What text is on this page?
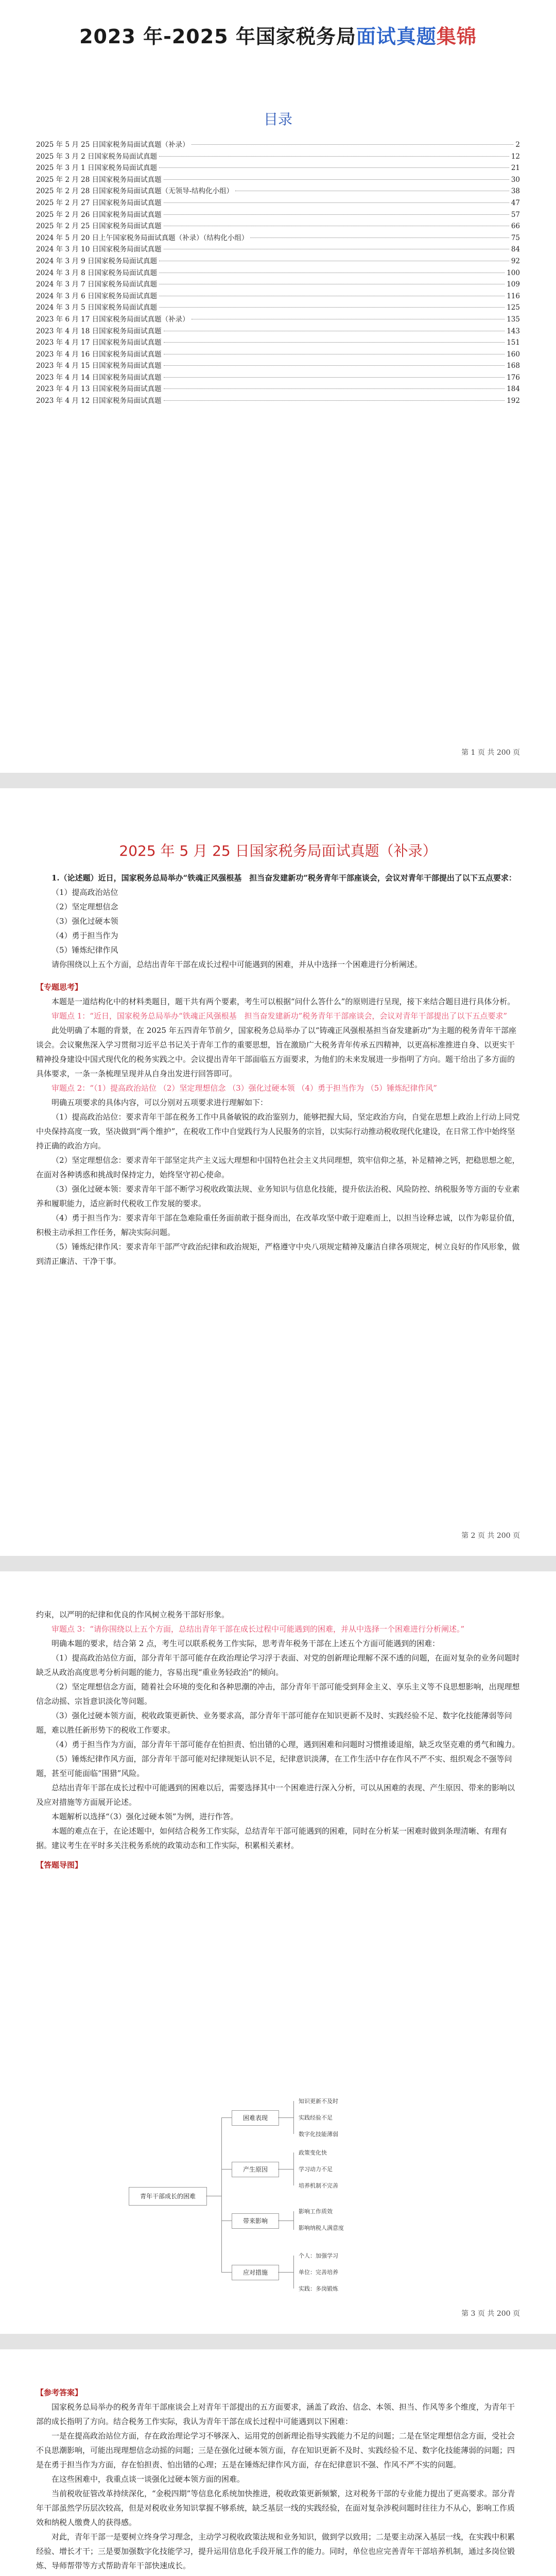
2023 年-2025 年国家税务局面试真题集锦
目录
2025 年 5 月 25 日国家税务局面试真题（补录）	2
2025 年 3 月 2 日国家税务局面试真题	12
2025 年 3 月 1 日国家税务局面试真题	21
2025 年 2 月 28 日国家税务局面试真题	30
2025 年 2 月 28 日国家税务局面试真题（无领导-结构化小组）	38
2025 年 2 月 27 日国家税务局面试真题	47
2025 年 2 月 26 日国家税务局面试真题	57
2025 年 2 月 25 日国家税务局面试真题	66
2024 年 5 月 20 日上午国家税务局面试真题（补录）（结构化小组）	75
2024 年 3 月 10 日国家税务局面试真题	84
2024 年 3 月 9 日国家税务局面试真题	92
2024 年 3 月 8 日国家税务局面试真题	100
2024 年 3 月 7 日国家税务局面试真题	109
2024 年 3 月 6 日国家税务局面试真题	116
2024 年 3 月 5 日国家税务局面试真题	125
2023 年 6 月 17 日国家税务局面试真题（补录）	135
2023 年 4 月 18 日国家税务局面试真题	143
2023 年 4 月 17 日国家税务局面试真题	151
2023 年 4 月 16 日国家税务局面试真题	160
2023 年 4 月 15 日国家税务局面试真题	168
2023 年 4 月 14 日国家税务局面试真题	176
2023 年 4 月 13 日国家税务局面试真题	184
2023 年 4 月 12 日国家税务局面试真题	192
第 1 页 共 200 页
2025 年 5 月 25 日国家税务局面试真题（补录）

1.（论述题）近日，国家税务总局举办“铁魂正风强根基　担当奋发建新功”税务青年干部座谈会，会议对青年干部提出了以下五点要求：

（1）提高政治站位

（2）坚定理想信念

（3）强化过硬本领

（4）勇于担当作为

（5）锤炼纪律作风

请你围绕以上五个方面，总结出青年干部在成长过程中可能遇到的困难，并从中选择一个困难进行分析阐述。

【专题思考】

本题是一道结构化中的材料类题目，题干共有两个要素，考生可以根据“问什么答什么”的原则进行呈现，接下来结合题目进行具体分析。

审题点 1：“近日，国家税务总局举办“铁魂正风强根基　担当奋发建新功”税务青年干部座谈会，会议对青年干部提出了以下五点要求”

此处明确了本题的背景，在 2025 年五四青年节前夕，国家税务总局举办了以“铸魂正风强根基担当奋发建新功”为主题的税务青年干部座谈会。会议聚焦深入学习贯彻习近平总书记关于青年工作的重要思想，旨在激励广大税务青年传承五四精神，以更高标准推进自身、以更实干精神投身建设中国式现代化的税务实践之中。会议提出青年干部面临五方面要求，为他们的未来发展进一步指明了方向。题干给出了多方面的具体要求，一条一条梳理呈现并从自身出发进行回答即可。

审题点 2：“（1）提高政治站位 （2）坚定理想信念 （3）强化过硬本领 （4）勇于担当作为 （5）锤炼纪律作风”

明确五项要求的具体内容，可以分别对五项要求进行理解如下：

（1）提高政治站位：要求青年干部在税务工作中具备敏锐的政治鉴别力，能够把握大局，坚定政治方向，自觉在思想上政治上行动上同党中央保持高度一致，坚决做到“两个维护”，在税收工作中自觉践行为人民服务的宗旨，以实际行动推动税收现代化建设，在日常工作中始终坚持正确的政治方向。

（2）坚定理想信念：要求青年干部坚定共产主义远大理想和中国特色社会主义共同理想，筑牢信仰之基，补足精神之钙，把稳思想之舵，在面对各种诱惑和挑战时保持定力，始终坚守初心使命。

（3）强化过硬本领：要求青年干部不断学习税收政策法规、业务知识与信息化技能，提升依法治税、风险防控、纳税服务等方面的专业素养和履职能力，适应新时代税收工作发展的要求。

（4）勇于担当作为：要求青年干部在急难险重任务面前敢于挺身而出，在改革攻坚中敢于迎难而上，以担当诠释忠诚，以作为彰显价值，积极主动承担工作任务，解决实际问题。

（5）锤炼纪律作风：要求青年干部严守政治纪律和政治规矩，严格遵守中央八项规定精神及廉洁自律各项规定，树立良好的作风形象，做到清正廉洁、干净干事。

第 2 页 共 200 页

约束，以严明的纪律和优良的作风树立税务干部好形象。

审题点 3：“请你围绕以上五个方面，总结出青年干部在成长过程中可能遇到的困难，并从中选择一个困难进行分析阐述。”

明确本题的要求，结合第 2 点，考生可以联系税务工作实际，思考青年税务干部在上述五个方面可能遇到的困难：

（1）提高政治站位方面，部分青年干部可能存在政治理论学习浮于表面、对党的创新理论理解不深不透的问题，在面对复杂的业务问题时缺乏从政治高度思考分析问题的能力，容易出现“重业务轻政治”的倾向。

（2）坚定理想信念方面，随着社会环境的变化和各种思潮的冲击，部分青年干部可能受到拜金主义、享乐主义等不良思想影响，出现理想信念动摇、宗旨意识淡化等问题。

（3）强化过硬本领方面，税收政策更新快、业务要求高，部分青年干部可能存在知识更新不及时、实践经验不足、数字化技能薄弱等问题，难以胜任新形势下的税收工作要求。

（4）勇于担当作为方面，部分青年干部可能存在怕担责、怕出错的心理，遇到困难和问题时习惯推诿退缩，缺乏攻坚克难的勇气和魄力。

（5）锤炼纪律作风方面，部分青年干部可能对纪律规矩认识不足，纪律意识淡薄，在工作生活中存在作风不严不实、组织观念不强等问题，甚至可能面临“围猎”风险。

总结出青年干部在成长过程中可能遇到的困难以后，需要选择其中一个困难进行深入分析，可以从困难的表现、产生原因、带来的影响以及应对措施等方面展开论述。

本题解析以选择“（3）强化过硬本领”为例，进行作答。

本题的难点在于，在论述题中，如何结合税务工作实际，总结青年干部可能遇到的困难，同时在分析某一困难时做到条理清晰、有理有据。建议考生在平时多关注税务系统的政策动态和工作实际，积累相关素材。

【答题导图】

青年干部成长的困难
困难表现
产生原因
带来影响
应对措施
知识更新不及时
实践经验不足
数字化技能薄弱
政策变化快
学习动力不足
培养机制不完善
影响工作质效
影响纳税人满意度
个人：加强学习
单位：完善培养
实践：多岗锻炼
第 3 页 共 200 页

【参考答案】

国家税务总局举办的税务青年干部座谈会上对青年干部提出的五方面要求，涵盖了政治、信念、本领、担当、作风等多个维度，为青年干部的成长指明了方向。结合税务工作实际，我认为青年干部在成长过程中可能遇到以下困难：

一是在提高政治站位方面，存在政治理论学习不够深入、运用党的创新理论指导实践能力不足的问题；二是在坚定理想信念方面，受社会不良思潮影响，可能出现理想信念动摇的问题；三是在强化过硬本领方面，存在知识更新不及时、实践经验不足、数字化技能薄弱的问题；四是在勇于担当作为方面，存在怕担责、怕出错的心理；五是在锤炼纪律作风方面，存在纪律意识不强、作风不严不实的问题。

在这些困难中，我重点谈一谈强化过硬本领方面的困难。

当前税收征管改革持续深化，“金税四期”等信息化系统加快推进，税收政策更新频繁，这对税务干部的专业能力提出了更高要求。部分青年干部虽然学历层次较高，但是对税收业务知识掌握不够系统，缺乏基层一线的实践经验，在面对复杂涉税问题时往往力不从心，影响工作质效和纳税人缴费人的获得感。

对此，青年干部一是要树立终身学习理念，主动学习税收政策法规和业务知识，做到学以致用；二是要主动深入基层一线，在实践中积累经验、增长才干；三是要加强数字化技能学习，提升运用信息化手段开展工作的能力。同时，单位也应完善青年干部培养机制，通过多岗位锻炼、导师帮带等方式帮助青年干部快速成长。
